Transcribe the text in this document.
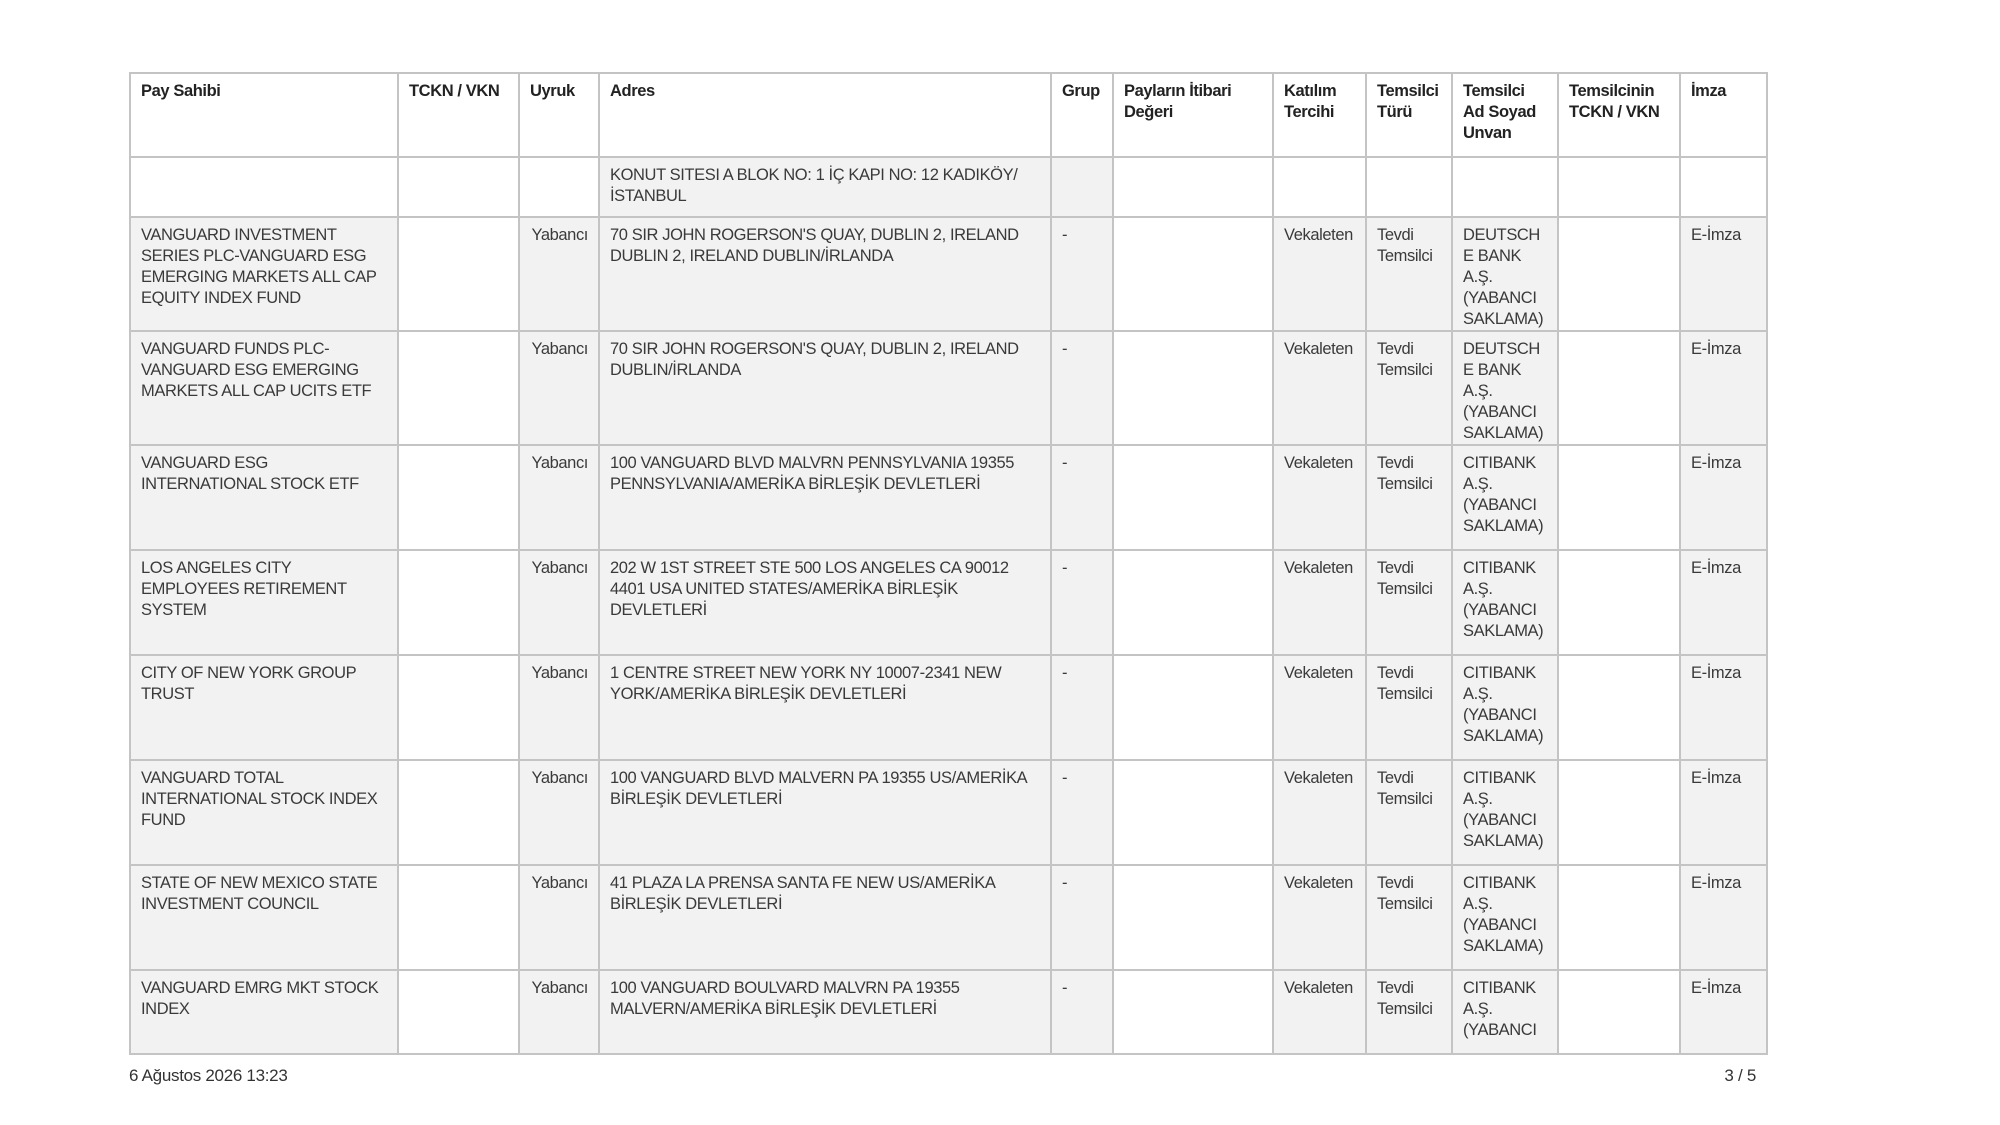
Pay Sahibi	TCKN / VKN	Uyruk	Adres	Grup	Payların İtibari Değeri	Katılım Tercihi	Temsilci Türü	Temsilci Ad Soyad Unvan	Temsilcinin TCKN / VKN	İmza
			KONUT SITESI A BLOK NO: 1 İÇ KAPI NO: 12 KADIKÖY/İSTANBUL							
VANGUARD INVESTMENT SERIES PLC-VANGUARD ESG EMERGING MARKETS ALL CAP EQUITY INDEX FUND		Yabancı	70 SIR JOHN ROGERSON'S QUAY, DUBLIN 2, IRELAND DUBLIN 2, IRELAND DUBLIN/İRLANDA	-		Vekaleten	Tevdi Temsilci	DEUTSCHE BANK A.Ş. (YABANCI SAKLAMA)		E-İmza
VANGUARD FUNDS PLC-VANGUARD ESG EMERGING MARKETS ALL CAP UCITS ETF		Yabancı	70 SIR JOHN ROGERSON'S QUAY, DUBLIN 2, IRELAND DUBLIN/İRLANDA	-		Vekaleten	Tevdi Temsilci	DEUTSCHE BANK A.Ş. (YABANCI SAKLAMA)		E-İmza
VANGUARD ESG INTERNATIONAL STOCK ETF		Yabancı	100 VANGUARD BLVD MALVRN PENNSYLVANIA 19355 PENNSYLVANIA/AMERİKA BİRLEŞİK DEVLETLERİ	-		Vekaleten	Tevdi Temsilci	CITIBANK A.Ş. (YABANCI SAKLAMA)		E-İmza
LOS ANGELES CITY EMPLOYEES RETIREMENT SYSTEM		Yabancı	202 W 1ST STREET STE 500 LOS ANGELES CA 90012 4401 USA UNITED STATES/AMERİKA BİRLEŞİK DEVLETLERİ	-		Vekaleten	Tevdi Temsilci	CITIBANK A.Ş. (YABANCI SAKLAMA)		E-İmza
CITY OF NEW YORK GROUP TRUST		Yabancı	1 CENTRE STREET NEW YORK NY 10007-2341 NEW YORK/AMERİKA BİRLEŞİK DEVLETLERİ	-		Vekaleten	Tevdi Temsilci	CITIBANK A.Ş. (YABANCI SAKLAMA)		E-İmza
VANGUARD TOTAL INTERNATIONAL STOCK INDEX FUND		Yabancı	100 VANGUARD BLVD MALVERN PA 19355 US/AMERİKA BİRLEŞİK DEVLETLERİ	-		Vekaleten	Tevdi Temsilci	CITIBANK A.Ş. (YABANCI SAKLAMA)		E-İmza
STATE OF NEW MEXICO STATE INVESTMENT COUNCIL		Yabancı	41 PLAZA LA PRENSA SANTA FE NEW US/AMERİKA BİRLEŞİK DEVLETLERİ	-		Vekaleten	Tevdi Temsilci	CITIBANK A.Ş. (YABANCI SAKLAMA)		E-İmza
VANGUARD EMRG MKT STOCK INDEX		Yabancı	100 VANGUARD BOULVARD MALVRN PA 19355 MALVERN/AMERİKA BİRLEŞİK DEVLETLERİ	-		Vekaleten	Tevdi Temsilci	CITIBANK A.Ş. (YABANCI		E-İmza
6 Ağustos 2026 13:23	3 / 5
